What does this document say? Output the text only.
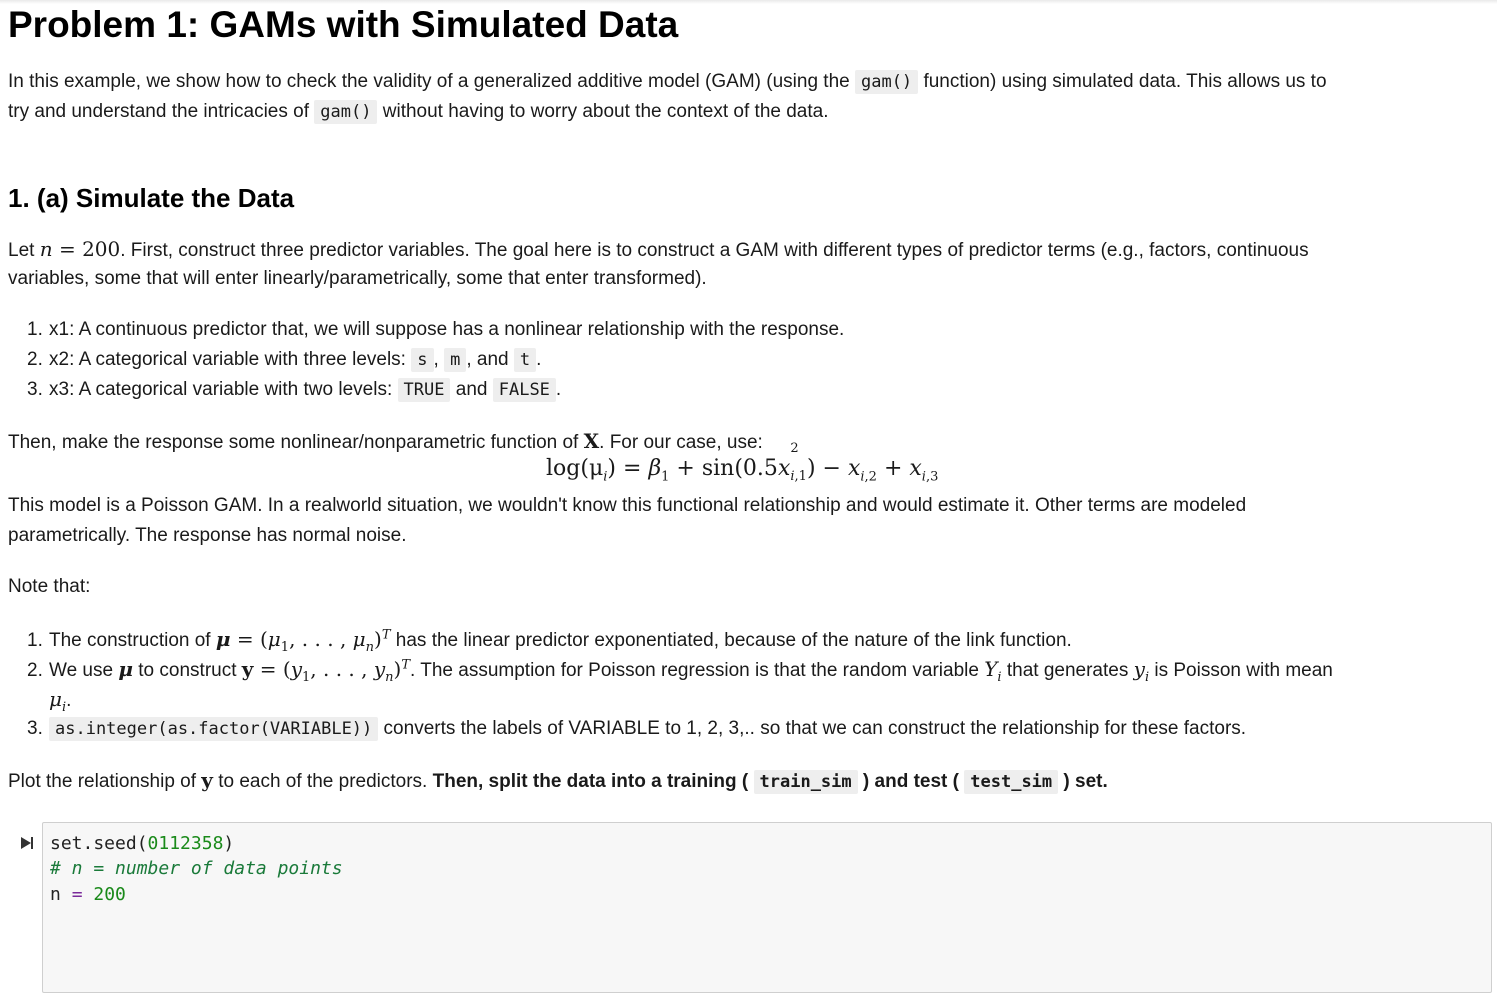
Problem 1: GAMs with Simulated Data

In this example, we show how to check the validity of a generalized additive model (GAM) (using the gam() function) using simulated data. This allows us to

try and understand the intricacies of gam() without having to worry about the context of the data.

1. (a) Simulate the Data

Let n = 200. First, construct three predictor variables. The goal here is to construct a GAM with different types of predictor terms (e.g., factors, continuous

variables, some that will enter linearly/parametrically, some that enter transformed).

1. x1: A continuous predictor that, we will suppose has a nonlinear relationship with the response.

2. x2: A categorical variable with three levels: s , m , and t .

3. x3: A categorical variable with two levels: TRUE and FALSE .

Then, make the response some nonlinear/nonparametric function of X. For our case, use:

$\log(\mu_i) = \beta_1 + \sin(0.5x$
$_{2 i,1}) - x_{i,2} + x_{i,3}$

This model is a Poisson GAM. In a realworld situation, we wouldn't know this functional relationship and would estimate it. Other terms are modeled

parametrically. The response has normal noise.

Note that:

1. The construction of $\mu = (\mu_1$, . . . , $\mu_n)^T$ has the linear predictor exponentiated, because of the nature of the link function.

2. We use μ to construct $y = (y_1$, . . . , $y_n)^T$. The assumption for Poisson regression is that the random variable $Y_i$ that generates $y_i$ is Poisson with mean

$\mu_i$.

3. as.integer(as.factor(VARIABLE)) converts the labels of VARIABLE to 1, 2, 3,.. so that we can construct the relationship for these factors.

Plot the relationship of y to each of the predictors. Then, split the data into a training ( train_sim ) and test ( test_sim ) set.

set.seed(0112358)
# n = number of data points
n = 200
